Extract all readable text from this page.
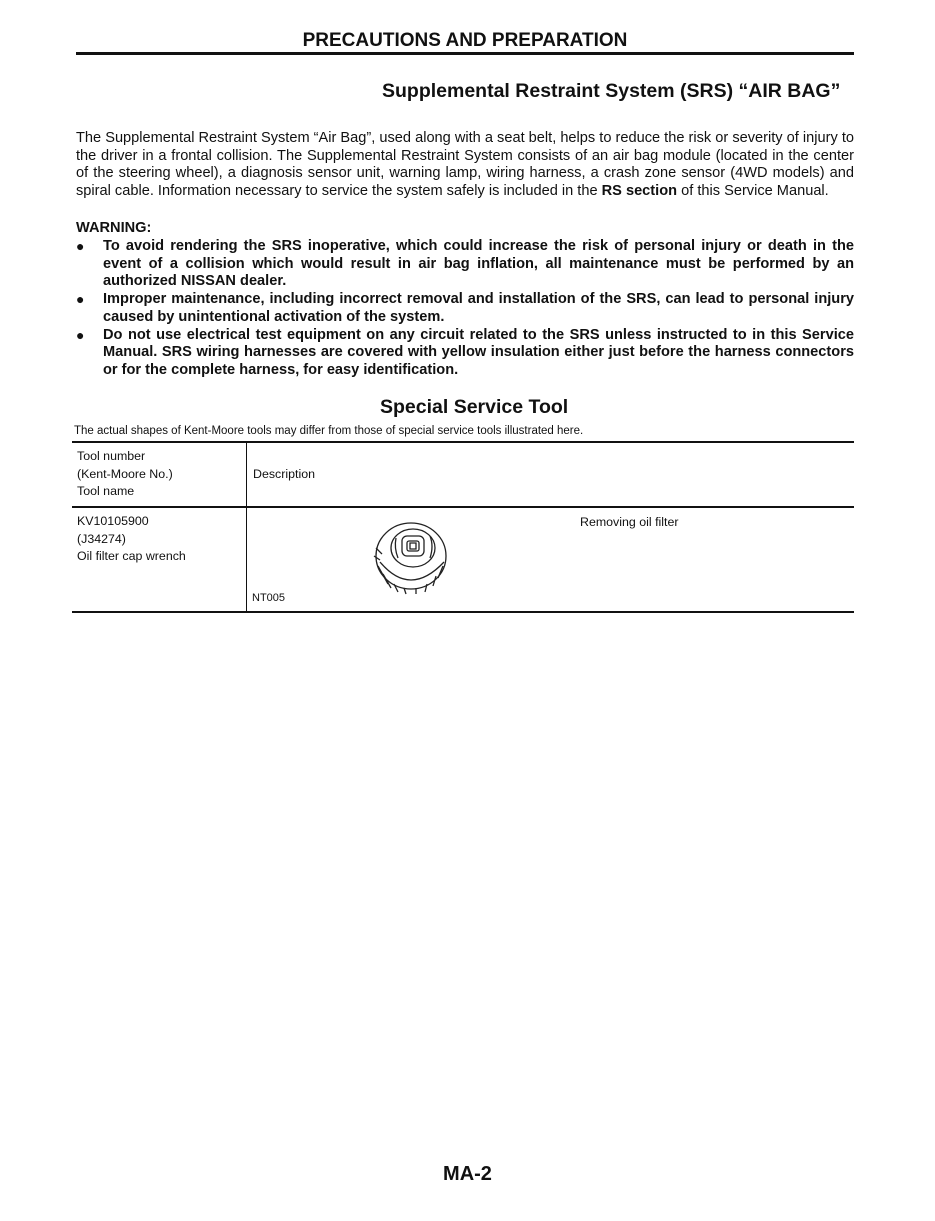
PRECAUTIONS AND PREPARATION
Supplemental Restraint System (SRS) “AIR BAG”
The Supplemental Restraint System “Air Bag”, used along with a seat belt, helps to reduce the risk or severity of injury to the driver in a frontal collision. The Supplemental Restraint System consists of an air bag module (located in the center of the steering wheel), a diagnosis sensor unit, warning lamp, wiring harness, a crash zone sensor (4WD models) and spiral cable. Information necessary to service the system safely is included in the RS section of this Service Manual.
WARNING:
● To avoid rendering the SRS inoperative, which could increase the risk of personal injury or death in the event of a collision which would result in air bag inflation, all maintenance must be performed by an authorized NISSAN dealer.
● Improper maintenance, including incorrect removal and installation of the SRS, can lead to personal injury caused by unintentional activation of the system.
● Do not use electrical test equipment on any circuit related to the SRS unless instructed to in this Service Manual. SRS wiring harnesses are covered with yellow insulation either just before the harness connectors or for the complete harness, for easy identification.
Special Service Tool
The actual shapes of Kent-Moore tools may differ from those of special service tools illustrated here.
Tool number
(Kent-Moore No.)
Tool name
Description
KV10105900
(J34274)
Oil filter cap wrench
Removing oil filter
NT005
MA-2
